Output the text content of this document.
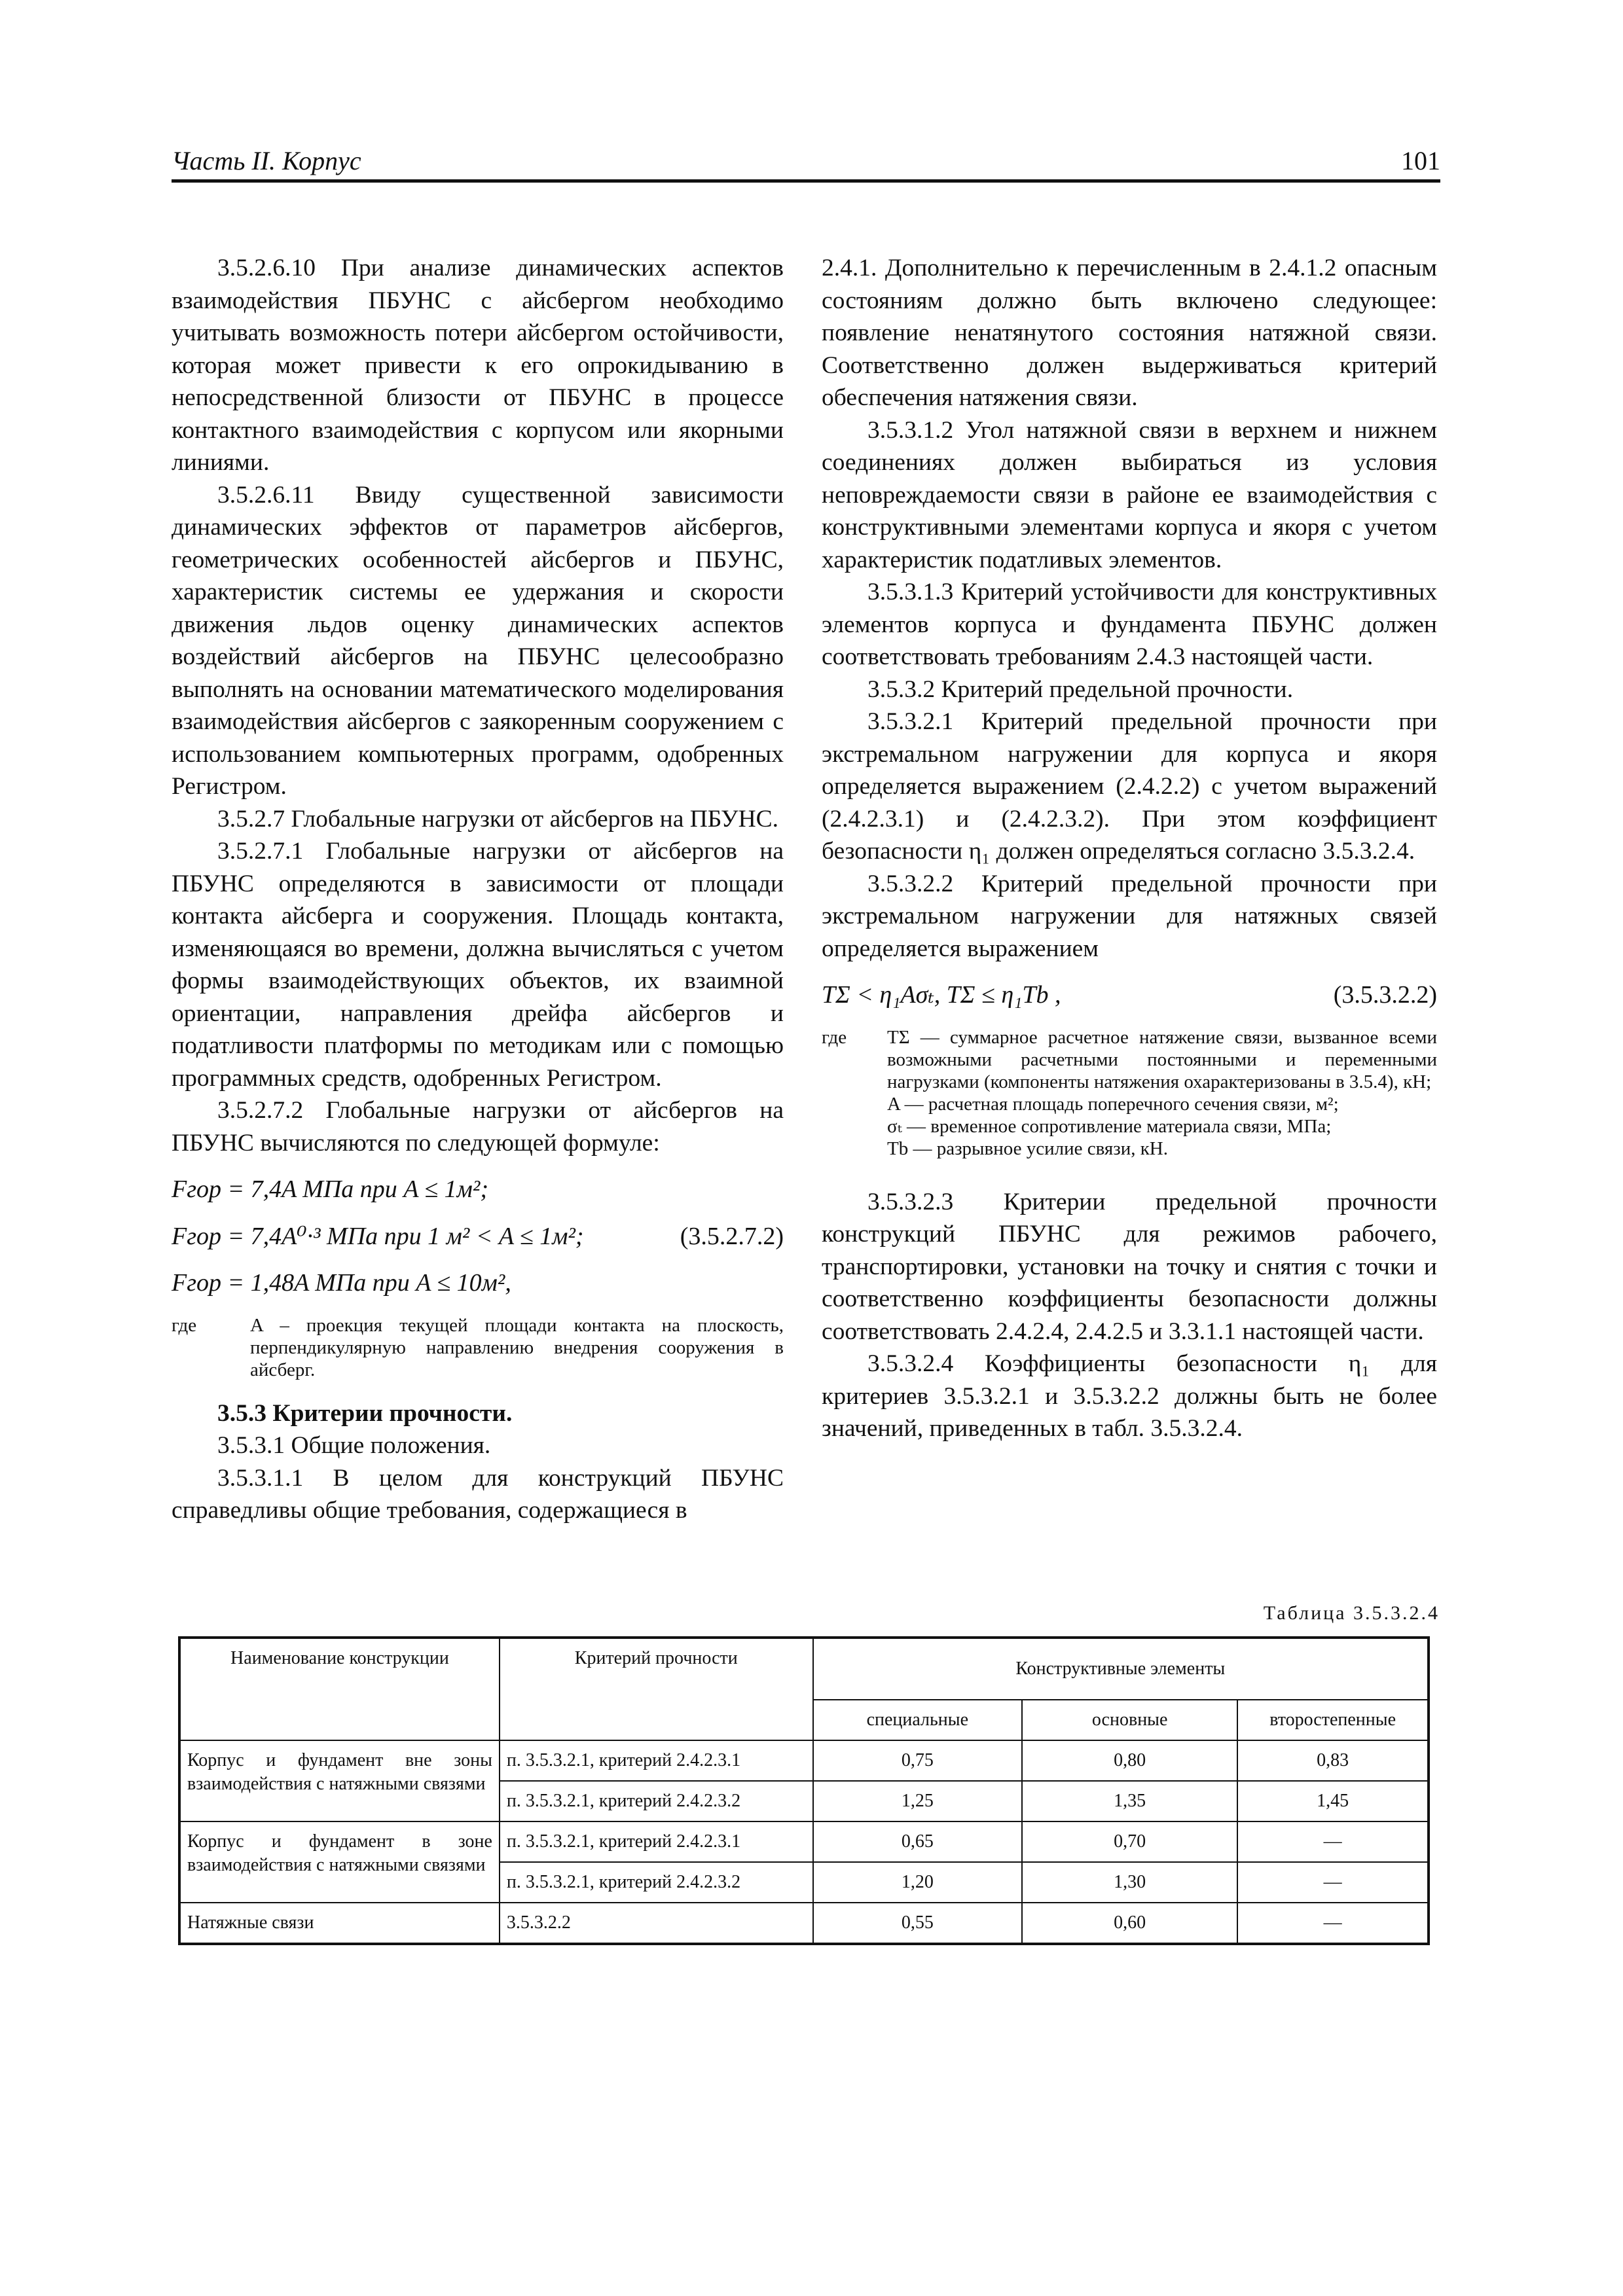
Часть II. Корпус	101

3.5.2.6.10 При анализе динамических аспектов взаимодействия ПБУНС с айсбергом необходимо учитывать возможность потери айсбергом остойчивости, которая может привести к его опрокидыванию в непосредственной близости от ПБУНС в процессе контактного взаимодействия с корпусом или якорными линиями.

3.5.2.6.11 Ввиду существенной зависимости динамических эффектов от параметров айсбергов, геометрических особенностей айсбергов и ПБУНС, характеристик системы ее удержания и скорости движения льдов оценку динамических аспектов воздействий айсбергов на ПБУНС целесообразно выполнять на основании математического моделирования взаимодействия айсбергов с заякоренным сооружением с использованием компьютерных программ, одобренных Регистром.

3.5.2.7 Глобальные нагрузки от айсбергов на ПБУНС.

3.5.2.7.1 Глобальные нагрузки от айсбергов на ПБУНС определяются в зависимости от площади контакта айсберга и сооружения. Площадь контакта, изменяющаяся во времени, должна вычисляться с учетом формы взаимодействующих объектов, их взаимной ориентации, направления дрейфа айсбергов и податливости платформы по методикам или с помощью программных средств, одобренных Регистром.

3.5.2.7.2 Глобальные нагрузки от айсбергов на ПБУНС вычисляются по следующей формуле:

Fгор = 7,4A МПа при A ≤ 1м²;
Fгор = 7,4A⁰·³ МПа при 1 м² < A ≤ 1м²;	(3.5.2.7.2)
Fгор = 1,48A МПа при A ≤ 10м²,
где	A – проекция текущей площади контакта на плоскость, перпендикулярную направлению внедрения сооружения в айсберг.

3.5.3 Критерии прочности.

3.5.3.1 Общие положения.

3.5.3.1.1 В целом для конструкций ПБУНС справедливы общие требования, содержащиеся в

2.4.1. Дополнительно к перечисленным в 2.4.1.2 опасным состояниям должно быть включено следующее: появление ненатянутого состояния натяжной связи. Соответственно должен выдерживаться критерий обеспечения натяжения связи.

3.5.3.1.2 Угол натяжной связи в верхнем и нижнем соединениях должен выбираться из условия неповреждаемости связи в районе ее взаимодействия с конструктивными элементами корпуса и якоря с учетом характеристик податливых элементов.

3.5.3.1.3 Критерий устойчивости для конструктивных элементов корпуса и фундамента ПБУНС должен соответствовать требованиям 2.4.3 настоящей части.

3.5.3.2 Критерий предельной прочности.

3.5.3.2.1 Критерий предельной прочности при экстремальном нагружении для корпуса и якоря определяется выражением (2.4.2.2) с учетом выражений (2.4.2.3.1) и (2.4.2.3.2). При этом коэффициент безопасности η₁ должен определяться согласно 3.5.3.2.4.

3.5.3.2.2 Критерий предельной прочности при экстремальном нагружении для натяжных связей определяется выражением

TΣ < η₁Aσₜ, TΣ ≤ η₁Tb ,	(3.5.3.2.2)
где	TΣ — суммарное расчетное натяжение связи, вызванное всеми возможными расчетными постоянными и переменными нагрузками (компоненты натяжения охарактеризованы в 3.5.4), кН;
A — расчетная площадь поперечного сечения связи, м²;
σₜ — временное сопротивление материала связи, МПа;
Tb — разрывное усилие связи, кН.

3.5.3.2.3 Критерии предельной прочности конструкций ПБУНС для режимов рабочего, транспортировки, установки на точку и снятия с точки и соответственно коэффициенты безопасности должны соответствовать 2.4.2.4, 2.4.2.5 и 3.3.1.1 настоящей части.

3.5.3.2.4 Коэффициенты безопасности η₁ для критериев 3.5.3.2.1 и 3.5.3.2.2 должны быть не более значений, приведенных в табл. 3.5.3.2.4.

Таблица 3.5.3.2.4
Наименование конструкции	Критерий прочности	Конструктивные элементы		
		специальные	основные	второстепенные
Корпус и фундамент вне зоны взаимодействия с натяжными связями	п. 3.5.3.2.1, критерий 2.4.2.3.1	0,75	0,80	0,83
	п. 3.5.3.2.1, критерий 2.4.2.3.2	1,25	1,35	1,45
Корпус и фундамент в зоне взаимодействия с натяжными связями	п. 3.5.3.2.1, критерий 2.4.2.3.1	0,65	0,70	—
	п. 3.5.3.2.1, критерий 2.4.2.3.2	1,20	1,30	—
Натяжные связи	3.5.3.2.2	0,55	0,60	—
